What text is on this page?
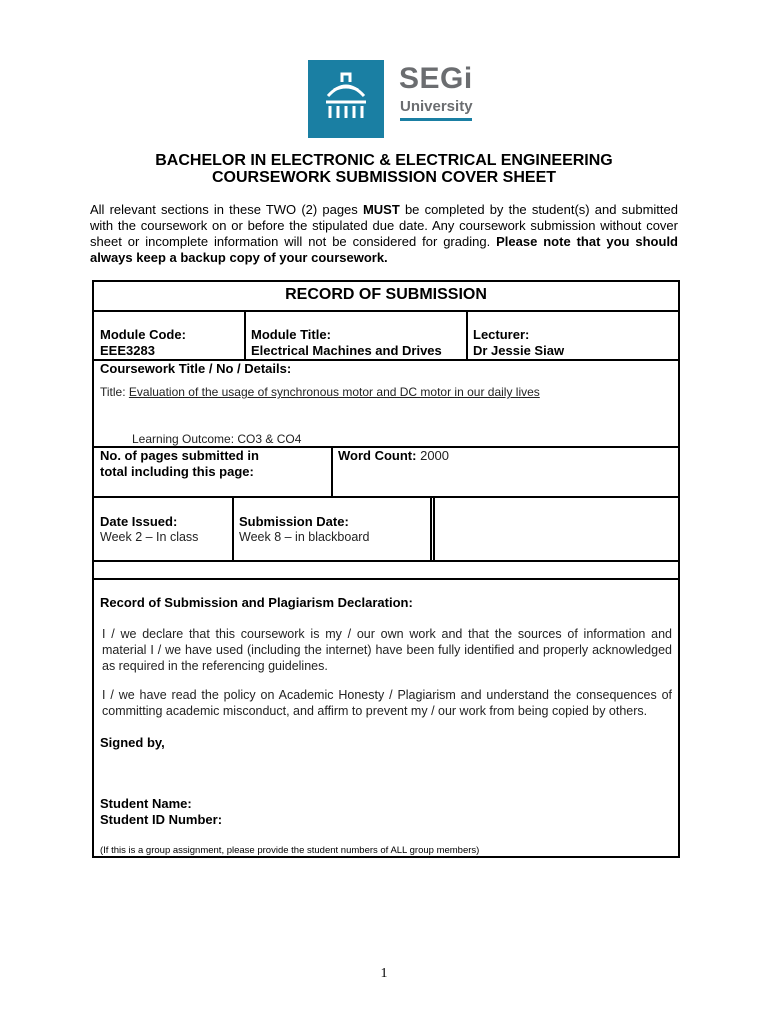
SEGi
University
BACHELOR IN ELECTRONIC & ELECTRICAL ENGINEERING
COURSEWORK SUBMISSION COVER SHEET
All relevant sections in these TWO (2) pages MUST be completed by the student(s) and submitted with the coursework on or before the stipulated due date. Any coursework submission without cover sheet or incomplete information will not be considered for grading. Please note that you should always keep a backup copy of your coursework.
RECORD OF SUBMISSION
Module Code:
EEE3283
Module Title:
Electrical Machines and Drives
Lecturer:
Dr Jessie Siaw
Coursework Title / No / Details:
Title: Evaluation of the usage of synchronous motor and DC motor in our daily lives
Learning Outcome: CO3 & CO4
No. of pages submitted in
total including this page:
Word Count: 2000
Date Issued:
Week 2 – In class
Submission Date:
Week 8 – in blackboard
Record of Submission and Plagiarism Declaration:
I / we declare that this coursework is my / our own work and that the sources of information and material I / we have used (including the internet) have been fully identified and properly acknowledged as required in the referencing guidelines.
I / we have read the policy on Academic Honesty / Plagiarism and understand the consequences of committing academic misconduct, and affirm to prevent my / our work from being copied by others.
Signed by,
Student Name:
Student ID Number:
(If this is a group assignment, please provide the student numbers of ALL group members)
1
